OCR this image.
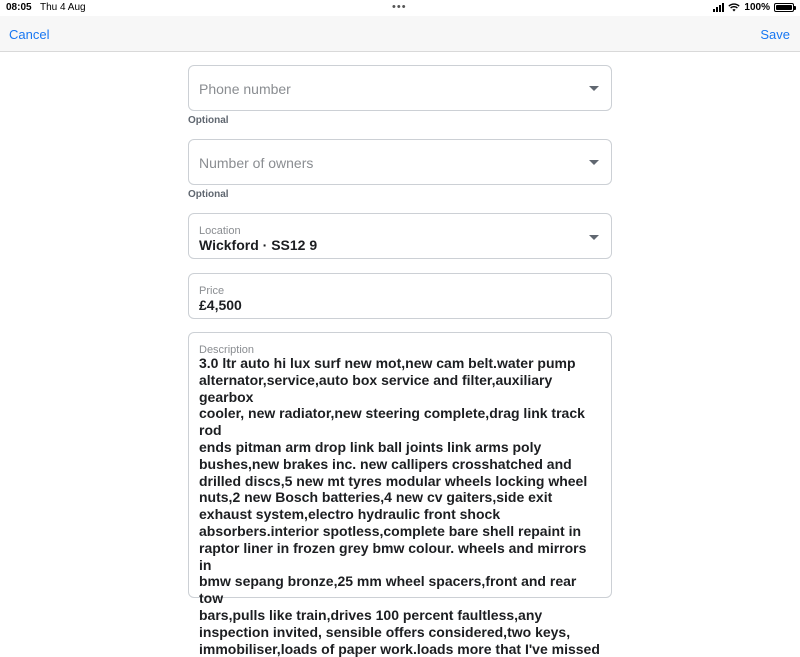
08:05 Thu 4 Aug	•••	100%
Cancel	Save
Phone number
Optional
Number of owners
Optional
Location
Wickford · SS12 9
Price
£4,500
Description
3.0 ltr auto hi lux surf new mot,new cam belt.water pump
alternator,service,auto box service and filter,auxiliary gearbox
cooler, new radiator,new steering complete,drag link track rod
ends pitman arm drop link ball joints link arms poly
bushes,new brakes inc. new callipers crosshatched and
drilled discs,5 new mt tyres modular wheels locking wheel
nuts,2 new Bosch batteries,4 new cv gaiters,side exit
exhaust system,electro hydraulic front shock
absorbers.interior spotless,complete bare shell repaint in
raptor liner in frozen grey bmw colour. wheels and mirrors in
bmw sepang bronze,25 mm wheel spacers,front and rear tow
bars,pulls like train,drives 100 percent faultless,any
inspection invited, sensible offers considered,two keys,
immobiliser,loads of paper work.loads more that I've missed
